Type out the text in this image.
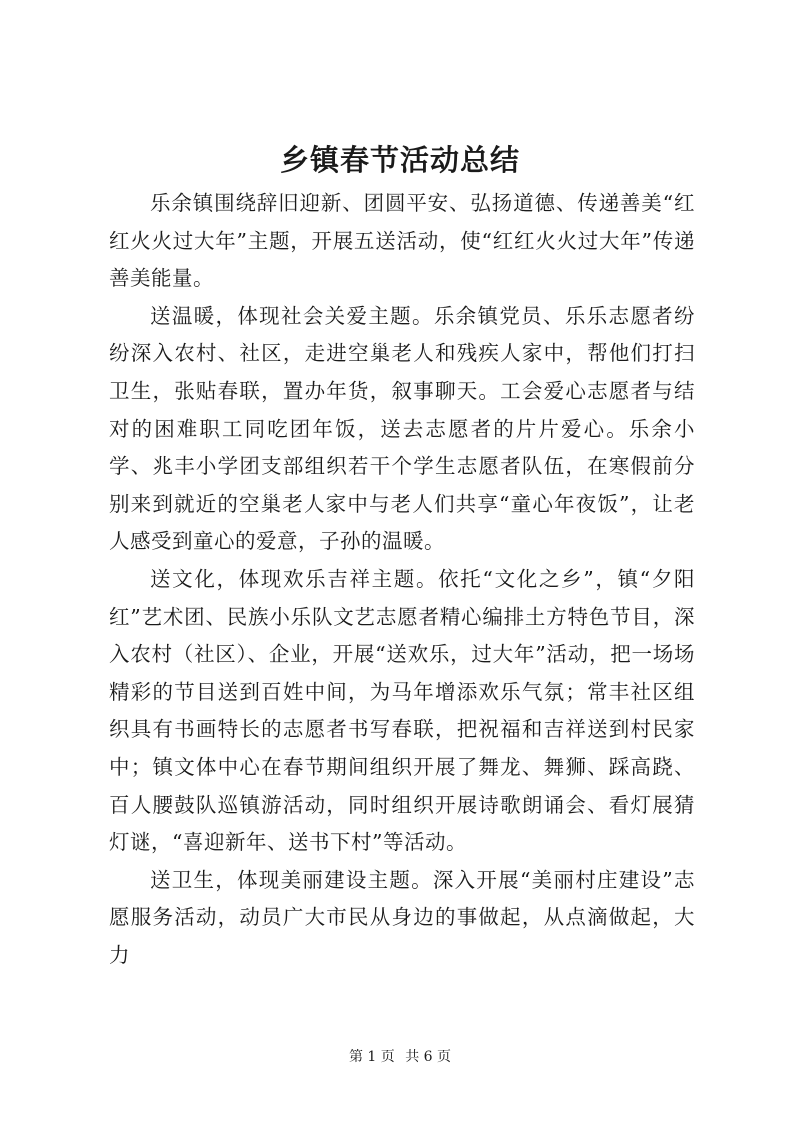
乡镇春节活动总结

乐余镇围绕辞旧迎新、团圆平安、弘扬道德、传递善美“红红火火过大年”主题，开展五送活动，使“红红火火过大年”传递善美能量。

送温暖，体现社会关爱主题。乐余镇党员、乐乐志愿者纷纷深入农村、社区，走进空巢老人和残疾人家中，帮他们打扫卫生，张贴春联，置办年货，叙事聊天。工会爱心志愿者与结对的困难职工同吃团年饭，送去志愿者的片片爱心。乐余小学、兆丰小学团支部组织若干个学生志愿者队伍，在寒假前分别来到就近的空巢老人家中与老人们共享“童心年夜饭”，让老人感受到童心的爱意，子孙的温暖。

送文化，体现欢乐吉祥主题。依托“文化之乡”，镇“夕阳红”艺术团、民族小乐队文艺志愿者精心编排土方特色节目，深入农村（社区）、企业，开展“送欢乐，过大年”活动，把一场场精彩的节目送到百姓中间，为马年增添欢乐气氛；常丰社区组织具有书画特长的志愿者书写春联，把祝福和吉祥送到村民家中；镇文体中心在春节期间组织开展了舞龙、舞狮、踩高跷、百人腰鼓队巡镇游活动，同时组织开展诗歌朗诵会、看灯展猜灯谜，“喜迎新年、送书下村”等活动。

送卫生，体现美丽建设主题。深入开展“美丽村庄建设”志愿服务活动，动员广大市民从身边的事做起，从点滴做起，大力

第 1 页 共 6 页
